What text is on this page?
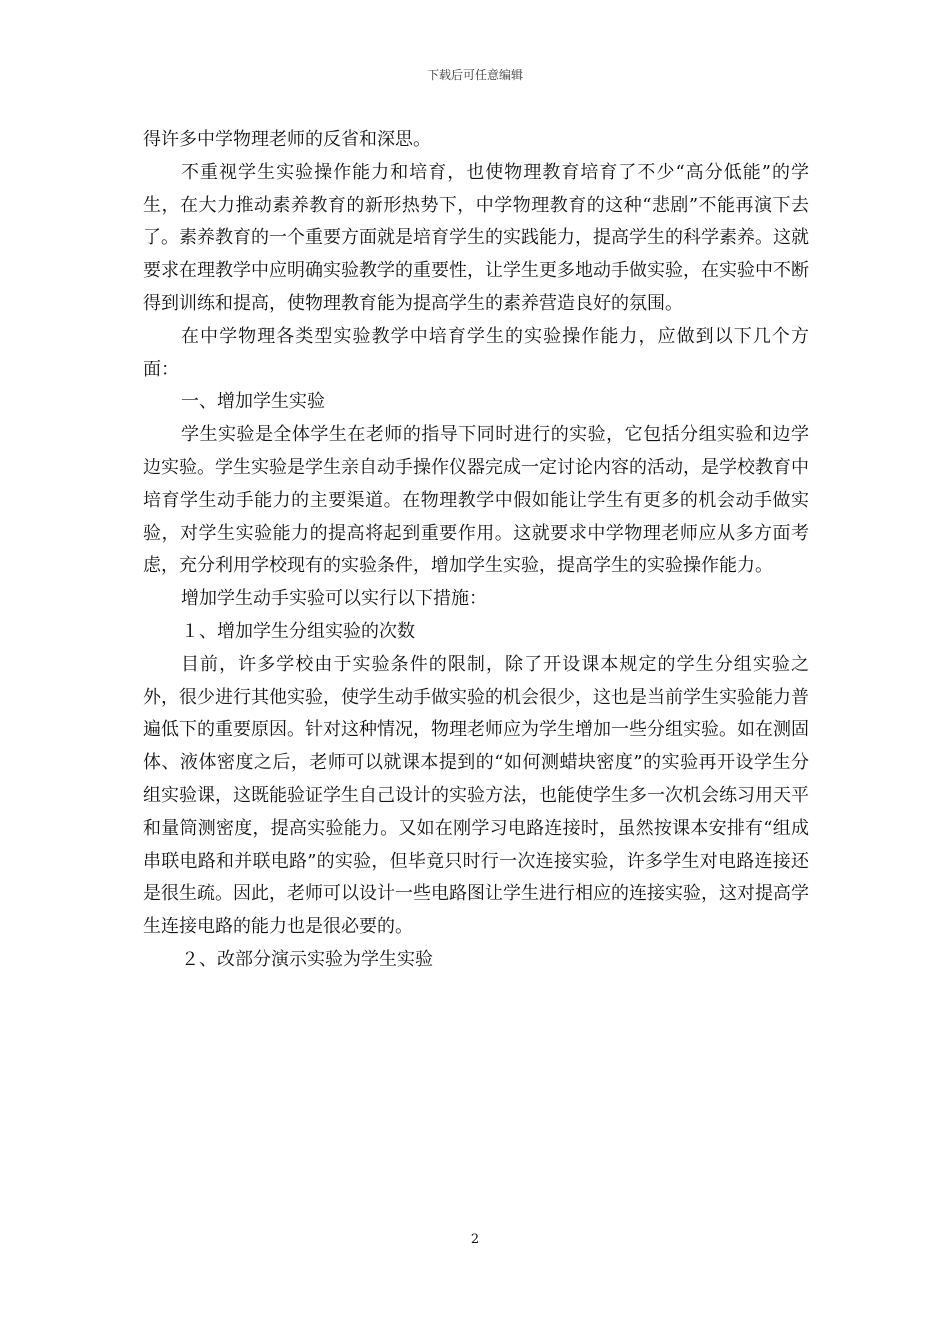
下载后可任意编辑

得许多中学物理老师的反省和深思。

不重视学生实验操作能力和培育，也使物理教育培育了不少“高分低能”的学生，在大力推动素养教育的新形热势下，中学物理教育的这种“悲剧”不能再演下去了。素养教育的一个重要方面就是培育学生的实践能力，提高学生的科学素养。这就要求在理教学中应明确实验教学的重要性，让学生更多地动手做实验，在实验中不断得到训练和提高，使物理教育能为提高学生的素养营造良好的氛围。

在中学物理各类型实验教学中培育学生的实验操作能力，应做到以下几个方面：

一、增加学生实验

学生实验是全体学生在老师的指导下同时进行的实验，它包括分组实验和边学边实验。学生实验是学生亲自动手操作仪器完成一定讨论内容的活动，是学校教育中培育学生动手能力的主要渠道。在物理教学中假如能让学生有更多的机会动手做实验，对学生实验能力的提高将起到重要作用。这就要求中学物理老师应从多方面考虑，充分利用学校现有的实验条件，增加学生实验，提高学生的实验操作能力。

增加学生动手实验可以实行以下措施：

１、增加学生分组实验的次数

目前，许多学校由于实验条件的限制，除了开设课本规定的学生分组实验之外，很少进行其他实验，使学生动手做实验的机会很少，这也是当前学生实验能力普遍低下的重要原因。针对这种情况，物理老师应为学生增加一些分组实验。如在测固体、液体密度之后，老师可以就课本提到的“如何测蜡块密度”的实验再开设学生分组实验课，这既能验证学生自己设计的实验方法，也能使学生多一次机会练习用天平和量筒测密度，提高实验能力。又如在刚学习电路连接时，虽然按课本安排有“组成串联电路和并联电路”的实验，但毕竟只时行一次连接实验，许多学生对电路连接还是很生疏。因此，老师可以设计一些电路图让学生进行相应的连接实验，这对提高学生连接电路的能力也是很必要的。

２、改部分演示实验为学生实验

2
